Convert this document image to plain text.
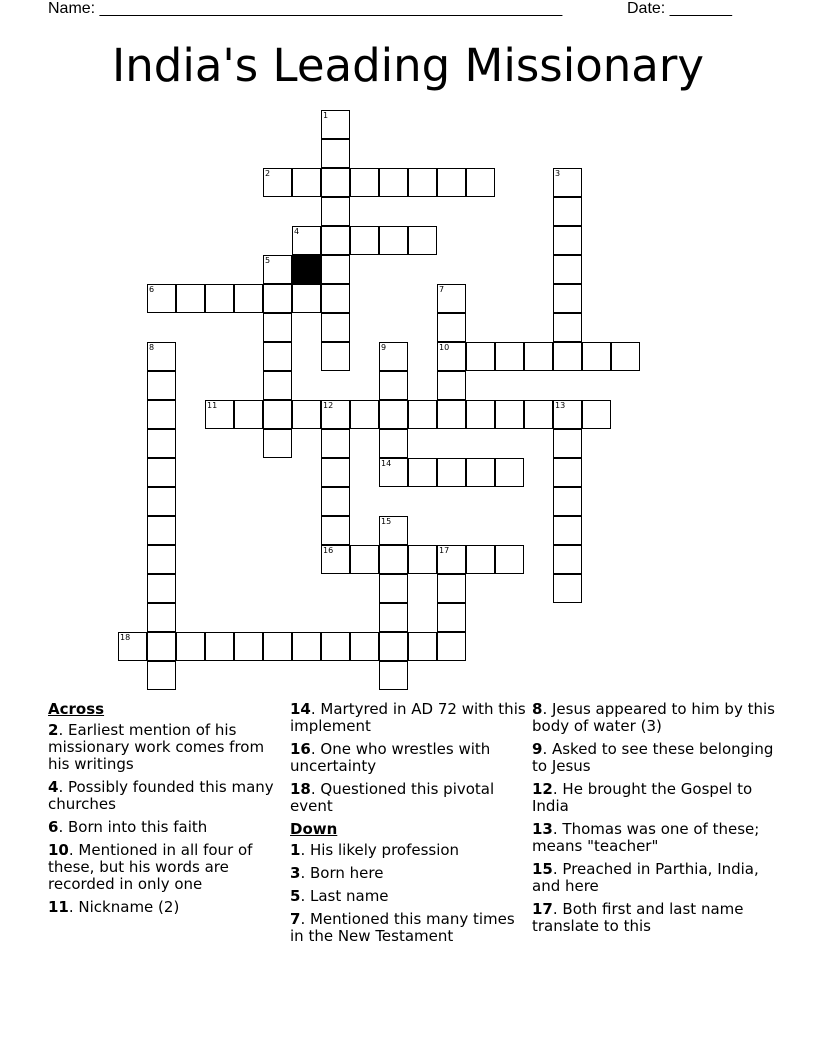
Name: ____________________________________________________	Date: _______
India's Leading Missionary
1
2	3
4
5
6	7
10
8	9
14
11	12	13
16
15
17
18
Across
2. Earliest mention of his missionary work comes from his writings
4. Possibly founded this many churches
6. Born into this faith
10. Mentioned in all four of these, but his words are recorded in only one
11. Nickname (2)
14. Martyred in AD 72 with this implement
16. One who wrestles with uncertainty
18. Questioned this pivotal event
Down
1. His likely profession
3. Born here
5. Last name
7. Mentioned this many times in the New Testament
8. Jesus appeared to him by this body of water (3)
9. Asked to see these belonging to Jesus
12. He brought the Gospel to India
13. Thomas was one of these; means "teacher"
15. Preached in Parthia, India, and here
17. Both first and last name translate to this
